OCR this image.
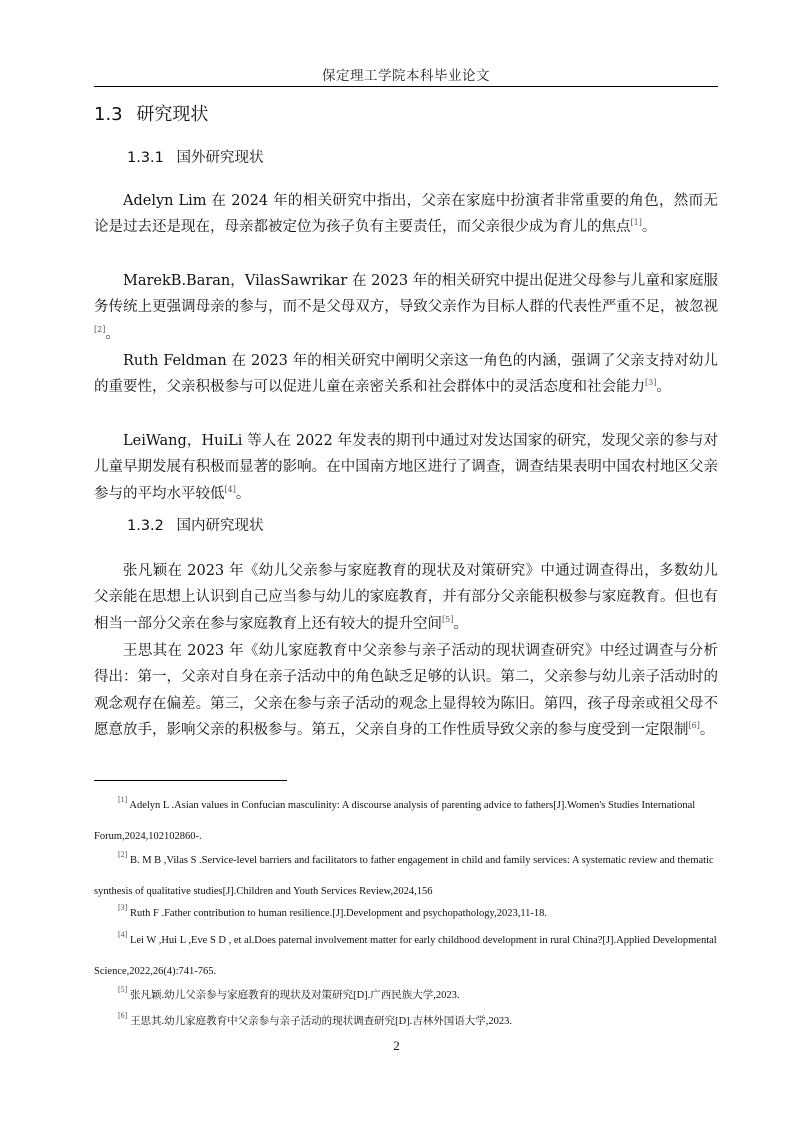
保定理工学院本科毕业论文
1.3 研究现状
1.3.1 国外研究现状

Adelyn Lim 在 2024 年的相关研究中指出，父亲在家庭中扮演者非常重要的角色，然而无论是过去还是现在，母亲都被定位为孩子负有主要责任，而父亲很少成为育儿的焦点[1]。

MarekB.Baran，VilasSawrikar 在 2023 年的相关研究中提出促进父母参与儿童和家庭服务传统上更强调母亲的参与，而不是父母双方，导致父亲作为目标人群的代表性严重不足，被忽视[2]。

Ruth Feldman 在 2023 年的相关研究中阐明父亲这一角色的内涵，强调了父亲支持对幼儿的重要性，父亲积极参与可以促进儿童在亲密关系和社会群体中的灵活态度和社会能力[3]。

LeiWang，HuiLi 等人在 2022 年发表的期刊中通过对发达国家的研究，发现父亲的参与对儿童早期发展有积极而显著的影响。在中国南方地区进行了调查，调查结果表明中国农村地区父亲参与的平均水平较低[4]。

1.3.2 国内研究现状

张凡颖在 2023 年《幼儿父亲参与家庭教育的现状及对策研究》中通过调查得出，多数幼儿父亲能在思想上认识到自己应当参与幼儿的家庭教育，并有部分父亲能积极参与家庭教育。但也有相当一部分父亲在参与家庭教育上还有较大的提升空间[5]。

王思其在 2023 年《幼儿家庭教育中父亲参与亲子活动的现状调查研究》中经过调查与分析得出：第一，父亲对自身在亲子活动中的角色缺乏足够的认识。第二，父亲参与幼儿亲子活动时的观念观存在偏差。第三，父亲在参与亲子活动的观念上显得较为陈旧。第四，孩子母亲或祖父母不愿意放手，影响父亲的积极参与。第五，父亲自身的工作性质导致父亲的参与度受到一定限制[6]。

[1] Adelyn L .Asian values in Confucian masculinity: A discourse analysis of parenting advice to fathers[J].Women's Studies International Forum,2024,102102860-.
[2] B. M B ,Vilas S .Service-level barriers and facilitators to father engagement in child and family services: A systematic review and thematic synthesis of qualitative studies[J].Children and Youth Services Review,2024,156
[3] Ruth F .Father contribution to human resilience.[J].Development and psychopathology,2023,11-18.
[4] Lei W ,Hui L ,Eve S D , et al.Does paternal involvement matter for early childhood development in rural China?[J].Applied Developmental Science,2022,26(4):741-765.
[5] 张凡颖.幼儿父亲参与家庭教育的现状及对策研究[D].广西民族大学,2023.
[6] 王思其.幼儿家庭教育中父亲参与亲子活动的现状调查研究[D].吉林外国语大学,2023.
2
